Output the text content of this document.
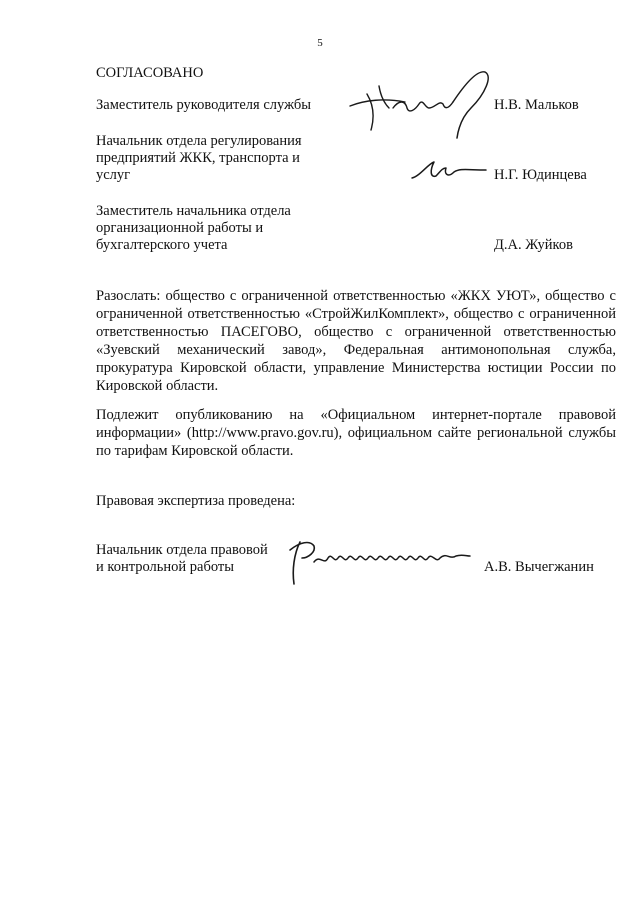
5
СОГЛАСОВАНО
Заместитель руководителя службы	Н.В. Мальков
Начальник отдела регулирования
предприятий ЖКК, транспорта и
услуг	Н.Г. Юдинцева
Заместитель начальника отдела
организационной работы и
бухгалтерского учета	Д.А. Жуйков
Разослать: общество с ограниченной ответственностью «ЖКХ УЮТ», общество с ограниченной ответственностью «СтройЖилКомплект», общество с ограниченной ответственностью ПАСЕГОВО, общество с ограниченной ответственностью «Зуевский механический завод», Федеральная антимонопольная служба, прокуратура Кировской области, управление Министерства юстиции России по Кировской области.
Подлежит опубликованию на «Официальном интернет-портале правовой информации» (http://www.pravo.gov.ru), официальном сайте региональной службы по тарифам Кировской области.
Правовая экспертиза проведена:
Начальник отдела правовой
и контрольной работы	А.В. Вычегжанин
